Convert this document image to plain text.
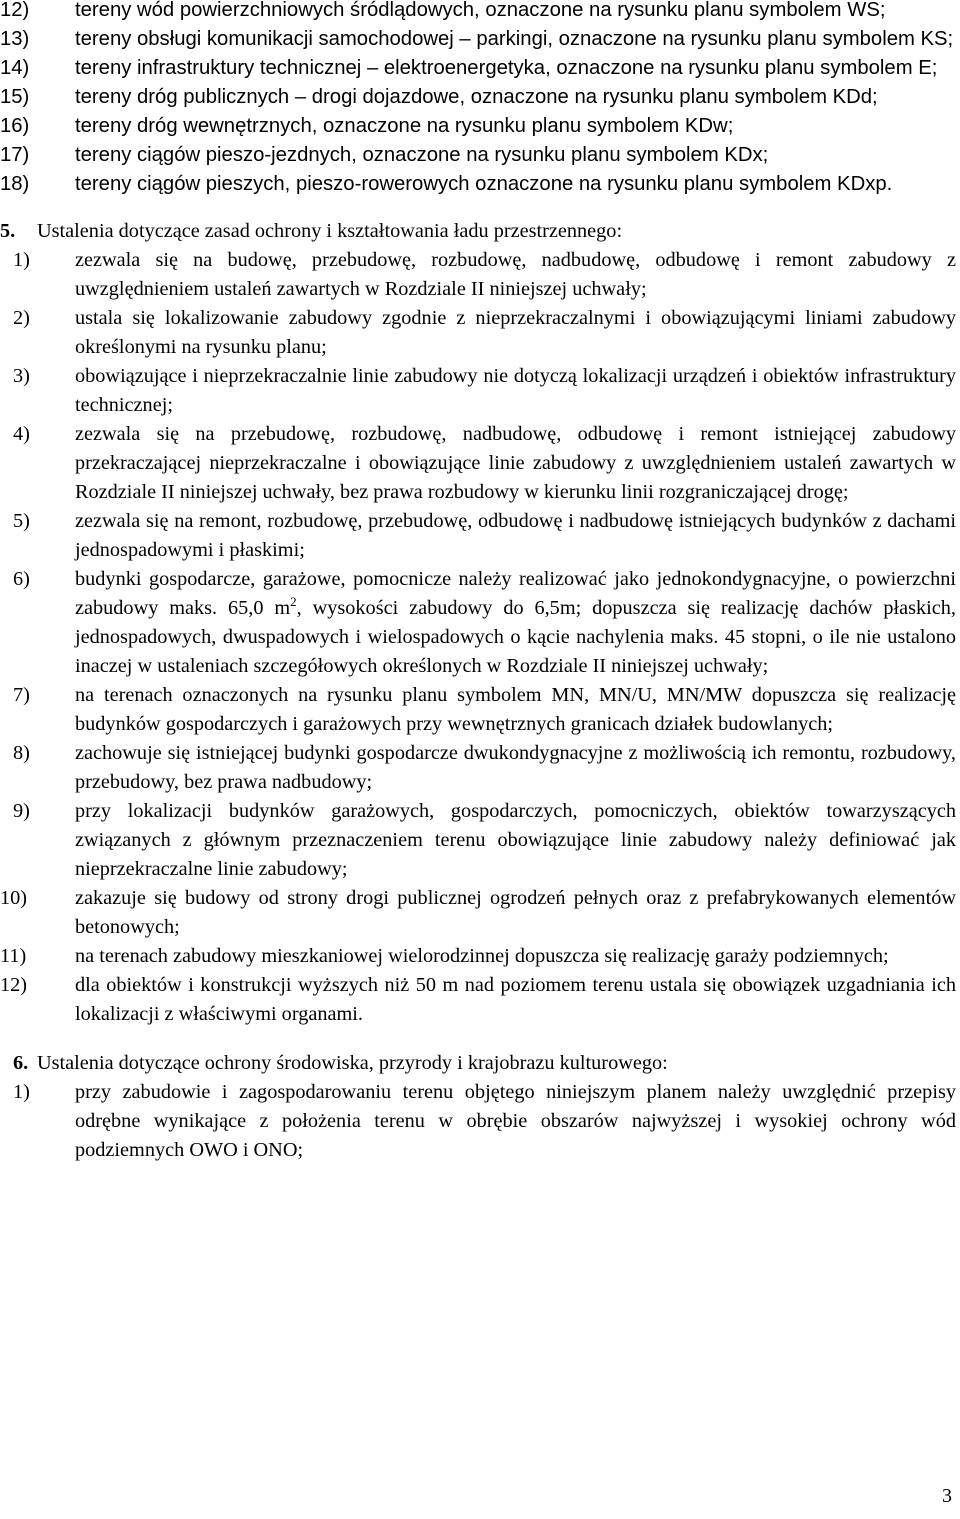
12)	tereny wód powierzchniowych śródlądowych, oznaczone na rysunku planu symbolem WS;
13)	tereny obsługi komunikacji samochodowej – parkingi, oznaczone na rysunku planu symbolem KS;
14)	tereny infrastruktury technicznej – elektroenergetyka, oznaczone na rysunku planu symbolem E;
15)	tereny dróg publicznych – drogi dojazdowe, oznaczone na rysunku planu symbolem KDd;
16)	tereny dróg wewnętrznych, oznaczone na rysunku planu symbolem KDw;
17)	tereny ciągów pieszo-jezdnych, oznaczone na rysunku planu symbolem KDx;
18)	tereny ciągów pieszych, pieszo-rowerowych oznaczone na rysunku planu symbolem KDxp.
5.	Ustalenia dotyczące zasad ochrony i kształtowania ładu przestrzennego:
1)	zezwala się na budowę, przebudowę, rozbudowę, nadbudowę, odbudowę i remont zabudowy z uwzględnieniem ustaleń zawartych w Rozdziale II niniejszej uchwały;
2)	ustala się lokalizowanie zabudowy zgodnie z nieprzekraczalnymi i obowiązującymi liniami zabudowy określonymi na rysunku planu;
3)	obowiązujące i nieprzekraczalnie linie zabudowy nie dotyczą lokalizacji urządzeń i obiektów infrastruktury technicznej;
4)	zezwala się na przebudowę, rozbudowę, nadbudowę, odbudowę i remont istniejącej zabudowy przekraczającej nieprzekraczalne i obowiązujące linie zabudowy z uwzględnieniem ustaleń zawartych w Rozdziale II niniejszej uchwały, bez prawa rozbudowy w kierunku linii rozgraniczającej drogę;
5)	zezwala się na remont, rozbudowę, przebudowę, odbudowę i nadbudowę istniejących budynków z dachami jednospadowymi i płaskimi;
6)	budynki gospodarcze, garażowe, pomocnicze należy realizować jako jednokondygnacyjne, o powierzchni zabudowy maks. 65,0 $m^2$, wysokości zabudowy do 6,5m; dopuszcza się realizację dachów płaskich, jednospadowych, dwuspadowych i wielospadowych o kącie nachylenia maks. 45 stopni, o ile nie ustalono inaczej w ustaleniach szczegółowych określonych w Rozdziale II niniejszej uchwały;
7)	na terenach oznaczonych na rysunku planu symbolem MN, MN/U, MN/MW dopuszcza się realizację budynków gospodarczych i garażowych przy wewnętrznych granicach działek budowlanych;
8)	zachowuje się istniejącej budynki gospodarcze dwukondygnacyjne z możliwością ich remontu, rozbudowy, przebudowy, bez prawa nadbudowy;
9)	przy lokalizacji budynków garażowych, gospodarczych, pomocniczych, obiektów towarzyszących związanych z głównym przeznaczeniem terenu obowiązujące linie zabudowy należy definiować jak nieprzekraczalne linie zabudowy;
10)	zakazuje się budowy od strony drogi publicznej ogrodzeń pełnych oraz z prefabrykowanych elementów betonowych;
11)	na terenach zabudowy mieszkaniowej wielorodzinnej dopuszcza się realizację garaży podziemnych;
12)	dla obiektów i konstrukcji wyższych niż 50 m nad poziomem terenu ustala się obowiązek uzgadniania ich lokalizacji z właściwymi organami.
6. Ustalenia dotyczące ochrony środowiska, przyrody i krajobrazu kulturowego:
1)	przy zabudowie i zagospodarowaniu terenu objętego niniejszym planem należy uwzględnić przepisy odrębne wynikające z położenia terenu w obrębie obszarów najwyższej i wysokiej ochrony wód podziemnych OWO i ONO;
3
